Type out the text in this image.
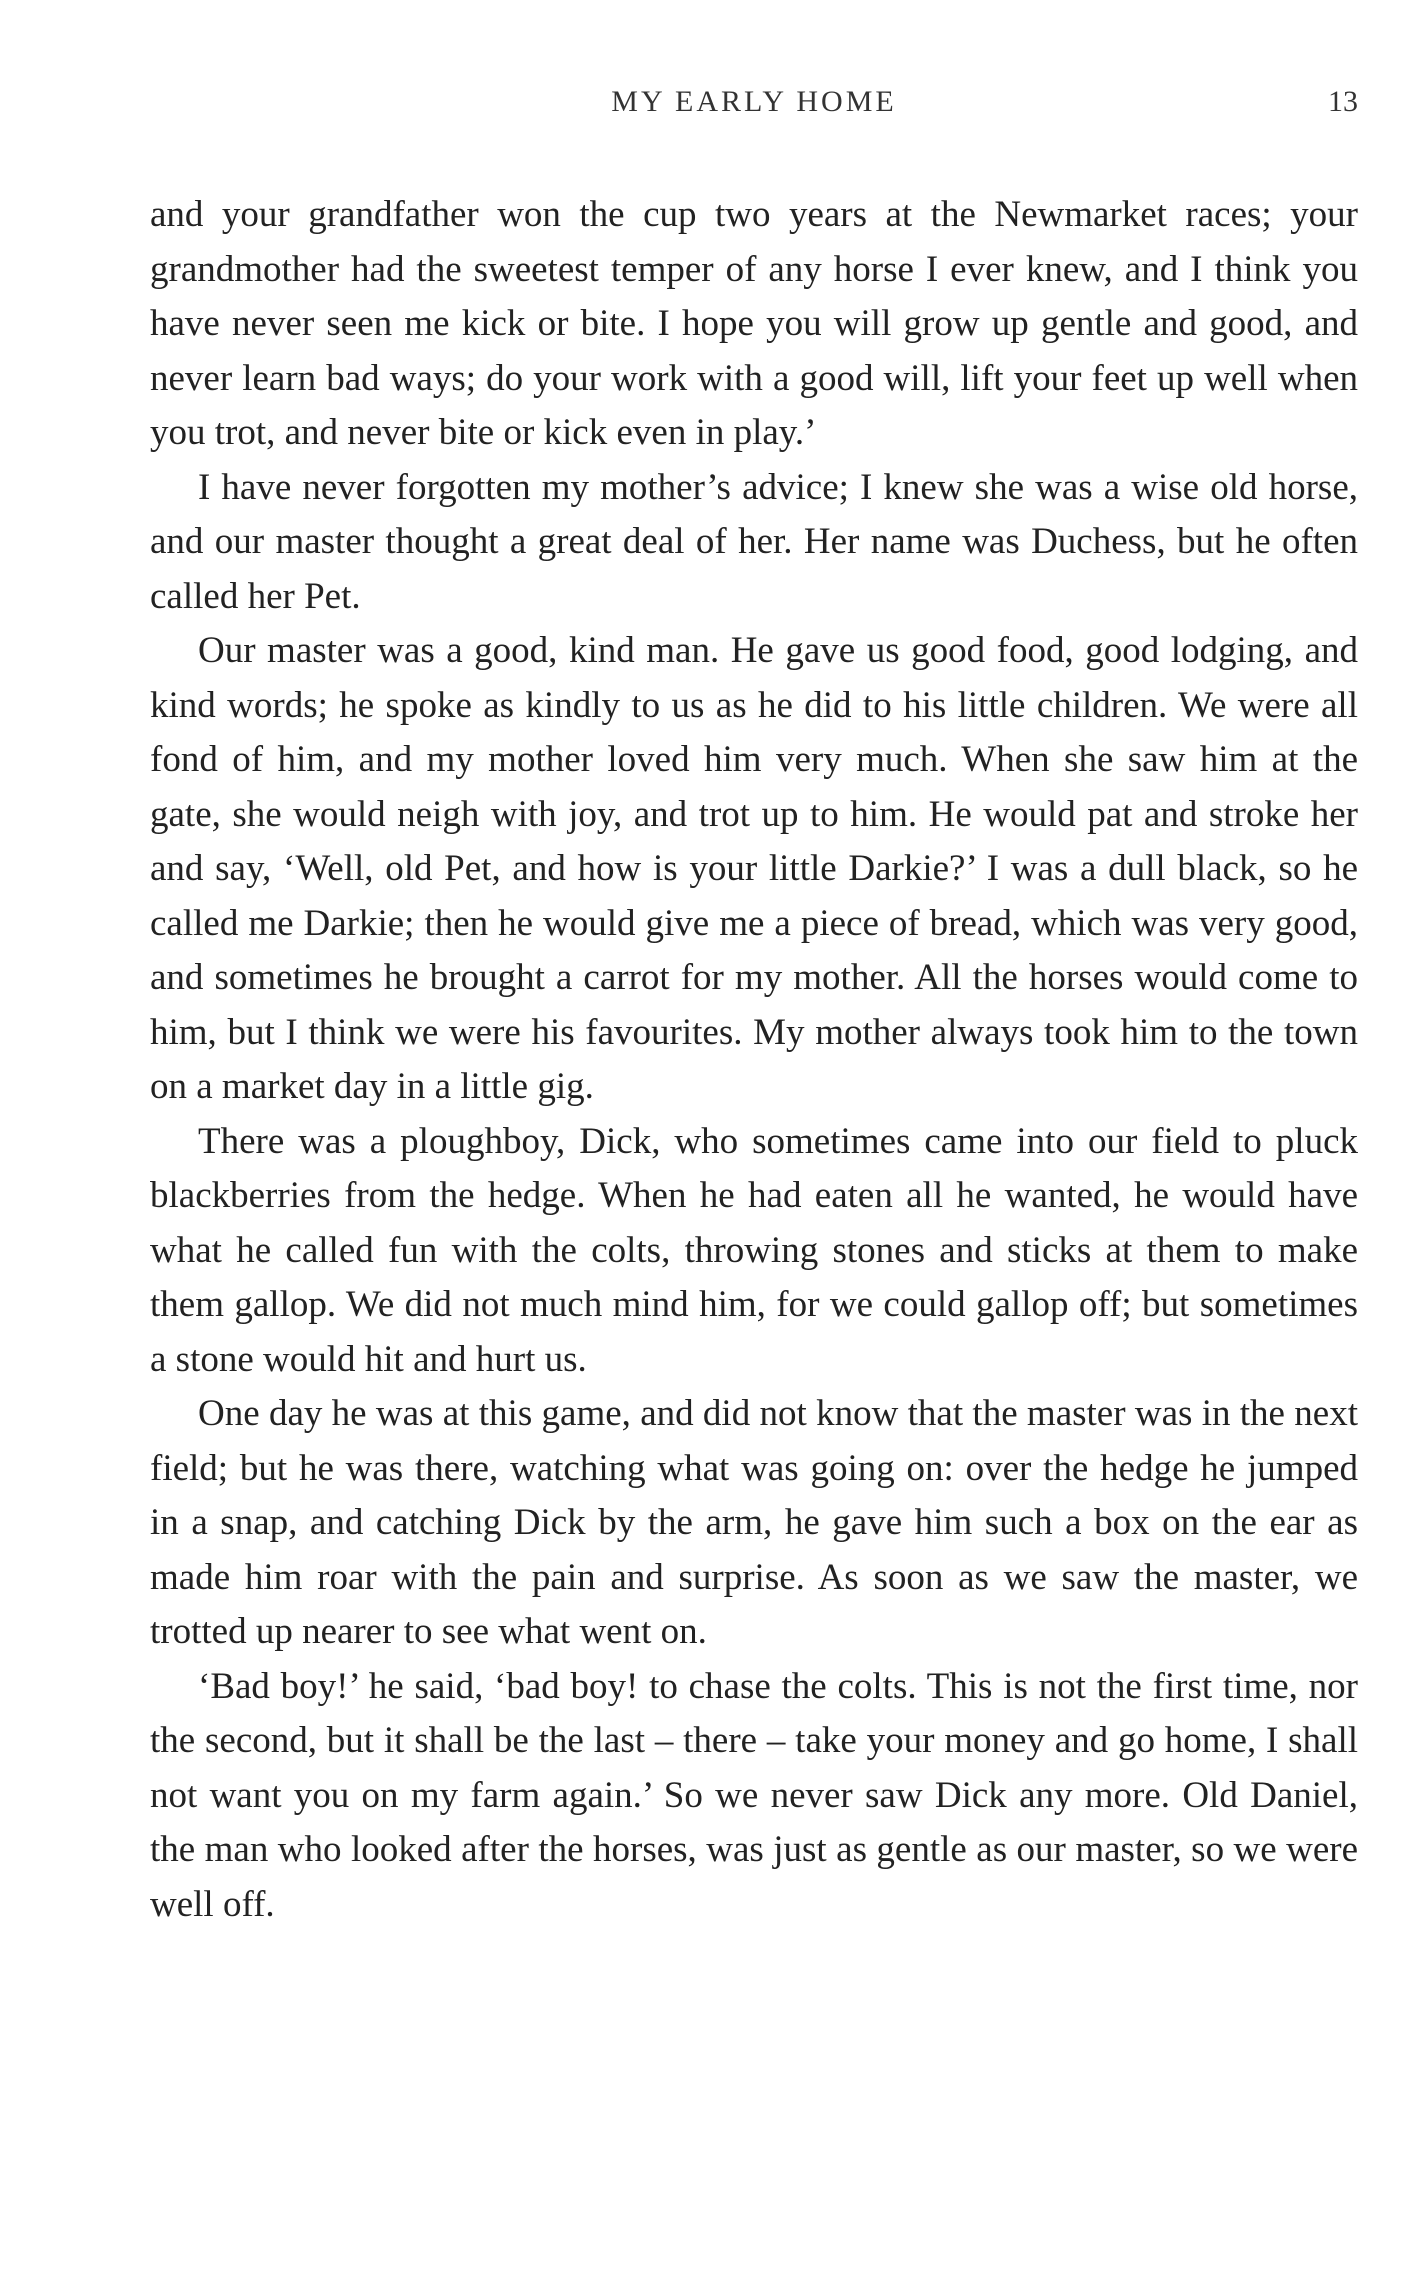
MY EARLY HOME	13

and your grandfather won the cup two years at the Newmarket races; your grandmother had the sweetest temper of any horse I ever knew, and I think you have never seen me kick or bite. I hope you will grow up gentle and good, and never learn bad ways; do your work with a good will, lift your feet up well when you trot, and never bite or kick even in play.’

I have never forgotten my mother’s advice; I knew she was a wise old horse, and our master thought a great deal of her. Her name was Duchess, but he often called her Pet.

Our master was a good, kind man. He gave us good food, good lodging, and kind words; he spoke as kindly to us as he did to his little children. We were all fond of him, and my mother loved him very much. When she saw him at the gate, she would neigh with joy, and trot up to him. He would pat and stroke her and say, ‘Well, old Pet, and how is your little Darkie?’ I was a dull black, so he called me Darkie; then he would give me a piece of bread, which was very good, and sometimes he brought a carrot for my mother. All the horses would come to him, but I think we were his favourites. My mother always took him to the town on a market day in a little gig.

There was a ploughboy, Dick, who sometimes came into our field to pluck blackberries from the hedge. When he had eaten all he wanted, he would have what he called fun with the colts, throwing stones and sticks at them to make them gallop. We did not much mind him, for we could gallop off; but sometimes a stone would hit and hurt us.

One day he was at this game, and did not know that the master was in the next field; but he was there, watching what was going on: over the hedge he jumped in a snap, and catching Dick by the arm, he gave him such a box on the ear as made him roar with the pain and surprise. As soon as we saw the master, we trotted up nearer to see what went on.

‘Bad boy!’ he said, ‘bad boy! to chase the colts. This is not the first time, nor the second, but it shall be the last – there – take your money and go home, I shall not want you on my farm again.’ So we never saw Dick any more. Old Daniel, the man who looked after the horses, was just as gentle as our master, so we were well off.
